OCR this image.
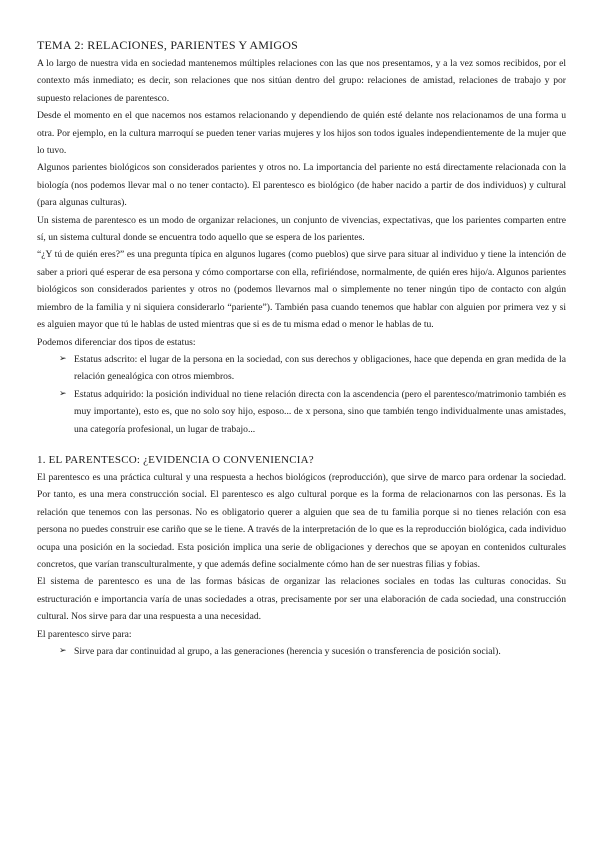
TEMA 2: RELACIONES, PARIENTES Y AMIGOS

A lo largo de nuestra vida en sociedad mantenemos múltiples relaciones con las que nos presentamos, y a la vez somos recibidos, por el contexto más inmediato; es decir, son relaciones que nos sitúan dentro del grupo: relaciones de amistad, relaciones de trabajo y por supuesto relaciones de parentesco.

Desde el momento en el que nacemos nos estamos relacionando y dependiendo de quién esté delante nos relacionamos de una forma u otra. Por ejemplo, en la cultura marroquí se pueden tener varias mujeres y los hijos son todos iguales independientemente de la mujer que lo tuvo.

Algunos parientes biológicos son considerados parientes y otros no. La importancia del pariente no está directamente relacionada con la biología (nos podemos llevar mal o no tener contacto). El parentesco es biológico (de haber nacido a partir de dos individuos) y cultural (para algunas culturas).

Un sistema de parentesco es un modo de organizar relaciones, un conjunto de vivencias, expectativas, que los parientes comparten entre sí, un sistema cultural donde se encuentra todo aquello que se espera de los parientes.

“¿Y tú de quién eres?” es una pregunta típica en algunos lugares (como pueblos) que sirve para situar al individuo y tiene la intención de saber a priori qué esperar de esa persona y cómo comportarse con ella, refiriéndose, normalmente, de quién eres hijo/a. Algunos parientes biológicos son considerados parientes y otros no (podemos llevarnos mal o simplemente no tener ningún tipo de contacto con algún miembro de la familia y ni siquiera considerarlo “pariente”). También pasa cuando tenemos que hablar con alguien por primera vez y si es alguien mayor que tú le hablas de usted mientras que si es de tu misma edad o menor le hablas de tu.

Podemos diferenciar dos tipos de estatus:

➢ Estatus adscrito: el lugar de la persona en la sociedad, con sus derechos y obligaciones, hace que dependa en gran medida de la relación genealógica con otros miembros.
➢ Estatus adquirido: la posición individual no tiene relación directa con la ascendencia (pero el parentesco/matrimonio también es muy importante), esto es, que no solo soy hijo, esposo... de x persona, sino que también tengo individualmente unas amistades, una categoría profesional, un lugar de trabajo...
1. EL PARENTESCO: ¿EVIDENCIA O CONVENIENCIA?

El parentesco es una práctica cultural y una respuesta a hechos biológicos (reproducción), que sirve de marco para ordenar la sociedad. Por tanto, es una mera construcción social. El parentesco es algo cultural porque es la forma de relacionarnos con las personas. Es la relación que tenemos con las personas. No es obligatorio querer a alguien que sea de tu familia porque si no tienes relación con esa persona no puedes construir ese cariño que se le tiene. A través de la interpretación de lo que es la reproducción biológica, cada individuo ocupa una posición en la sociedad. Esta posición implica una serie de obligaciones y derechos que se apoyan en contenidos culturales concretos, que varían transculturalmente, y que además define socialmente cómo han de ser nuestras filias y fobias.

El sistema de parentesco es una de las formas básicas de organizar las relaciones sociales en todas las culturas conocidas. Su estructuración e importancia varía de unas sociedades a otras, precisamente por ser una elaboración de cada sociedad, una construcción cultural. Nos sirve para dar una respuesta a una necesidad.

El parentesco sirve para:

➢ Sirve para dar continuidad al grupo, a las generaciones (herencia y sucesión o transferencia de posición social).
